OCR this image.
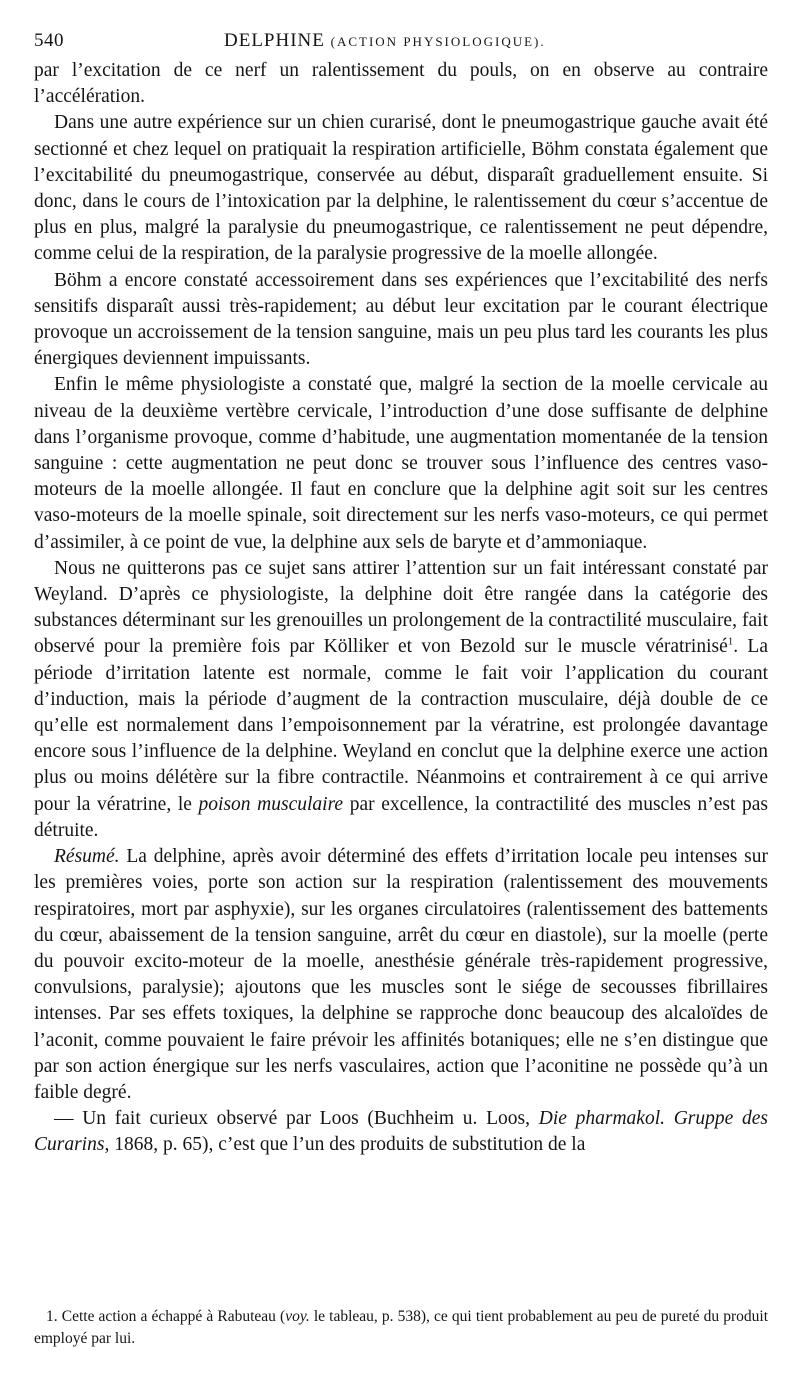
540	DELPHINE (ACTION PHYSIOLOGIQUE).

par l’excitation de ce nerf un ralentissement du pouls, on en observe au contraire l’accélération.

Dans une autre expérience sur un chien curarisé, dont le pneumogastrique gauche avait été sectionné et chez lequel on pratiquait la respiration artificielle, Böhm constata également que l’excitabilité du pneumogastrique, conservée au début, disparaît graduellement ensuite. Si donc, dans le cours de l’intoxication par la delphine, le ralentissement du cœur s’accentue de plus en plus, malgré la paralysie du pneumogastrique, ce ralentissement ne peut dépendre, comme celui de la respiration, de la paralysie progressive de la moelle allongée.

Böhm a encore constaté accessoirement dans ses expériences que l’excitabilité des nerfs sensitifs disparaît aussi très-rapidement; au début leur excitation par le courant électrique provoque un accroissement de la tension sanguine, mais un peu plus tard les courants les plus énergiques deviennent impuissants.

Enfin le même physiologiste a constaté que, malgré la section de la moelle cervicale au niveau de la deuxième vertèbre cervicale, l’introduction d’une dose suffisante de delphine dans l’organisme provoque, comme d’habitude, une augmentation momentanée de la tension sanguine : cette augmentation ne peut donc se trouver sous l’influence des centres vaso-moteurs de la moelle allongée. Il faut en conclure que la delphine agit soit sur les centres vaso-moteurs de la moelle spinale, soit directement sur les nerfs vaso-moteurs, ce qui permet d’assimiler, à ce point de vue, la delphine aux sels de baryte et d’ammoniaque.

Nous ne quitterons pas ce sujet sans attirer l’attention sur un fait intéressant constaté par Weyland. D’après ce physiologiste, la delphine doit être rangée dans la catégorie des substances déterminant sur les grenouilles un prolongement de la contractilité musculaire, fait observé pour la première fois par Kölliker et von Bezold sur le muscle vératrinisé$^1$. La période d’irritation latente est normale, comme le fait voir l’application du courant d’induction, mais la période d’augment de la contraction musculaire, déjà double de ce qu’elle est normalement dans l’empoisonnement par la vératrine, est prolongée davantage encore sous l’influence de la delphine. Weyland en conclut que la delphine exerce une action plus ou moins délétère sur la fibre contractile. Néanmoins et contrairement à ce qui arrive pour la vératrine, le poison musculaire par excellence, la contractilité des muscles n’est pas détruite.

Résumé. La delphine, après avoir déterminé des effets d’irritation locale peu intenses sur les premières voies, porte son action sur la respiration (ralentissement des mouvements respiratoires, mort par asphyxie), sur les organes circulatoires (ralentissement des battements du cœur, abaissement de la tension sanguine, arrêt du cœur en diastole), sur la moelle (perte du pouvoir excito-moteur de la moelle, anesthésie générale très-rapidement progressive, convulsions, paralysie); ajoutons que les muscles sont le siége de secousses fibrillaires intenses. Par ses effets toxiques, la delphine se rapproche donc beaucoup des alcaloïdes de l’aconit, comme pouvaient le faire prévoir les affinités botaniques; elle ne s’en distingue que par son action énergique sur les nerfs vasculaires, action que l’aconitine ne possède qu’à un faible degré.

— Un fait curieux observé par Loos (Buchheim u. Loos, Die pharmakol. Gruppe des Curarins, 1868, p. 65), c’est que l’un des produits de substitution de la

1. Cette action a échappé à Rabuteau (voy. le tableau, p. 538), ce qui tient probablement au peu de pureté du produit employé par lui.
